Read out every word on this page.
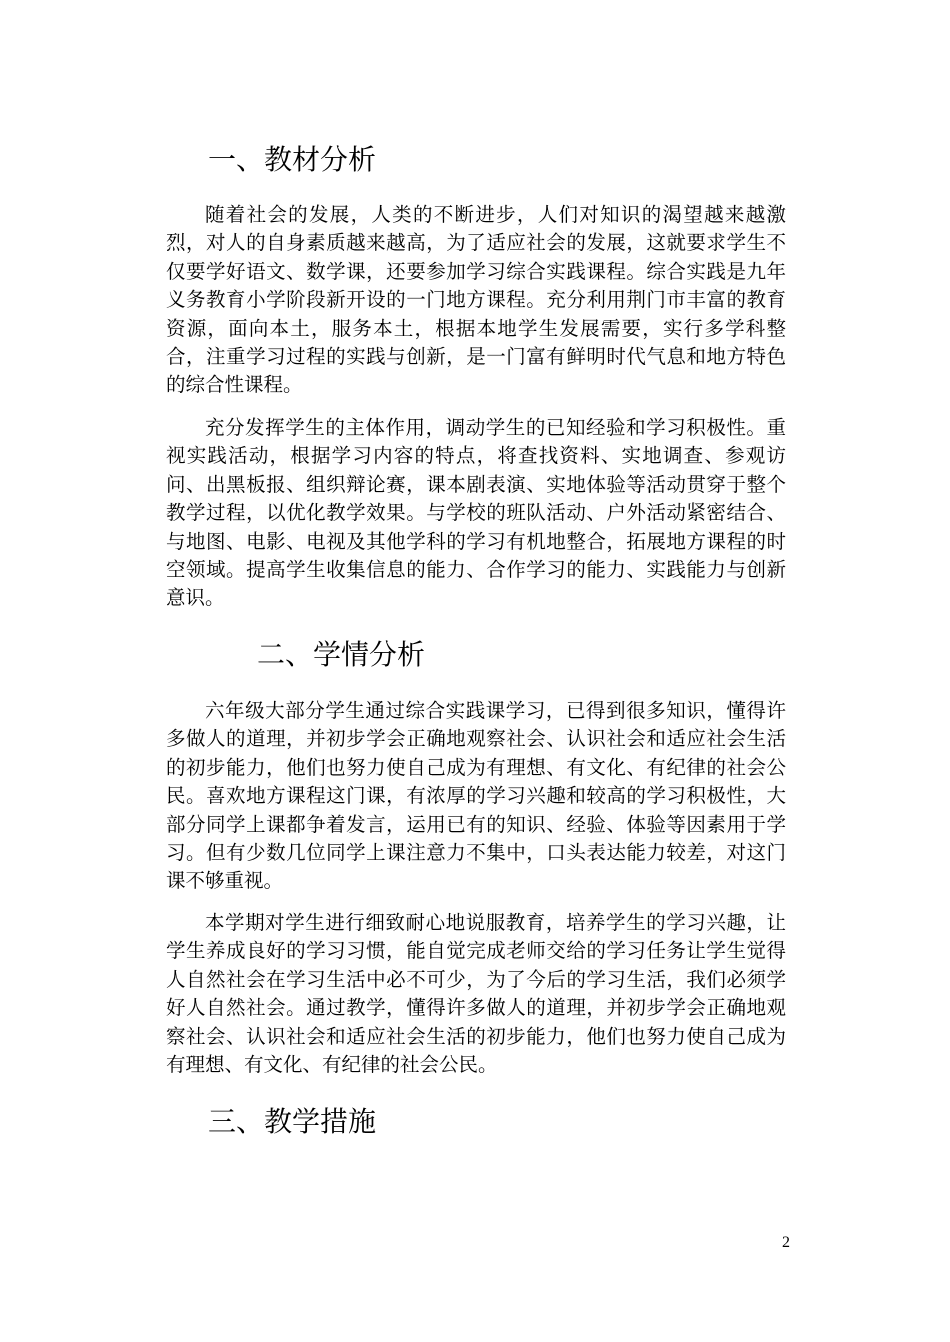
一、教材分析

随着社会的发展，人类的不断进步，人们对知识的渴望越来越激烈，对人的自身素质越来越高，为了适应社会的发展，这就要求学生不仅要学好语文、数学课，还要参加学习综合实践课程。综合实践是九年义务教育小学阶段新开设的一门地方课程。充分利用荆门市丰富的教育资源，面向本土，服务本土，根据本地学生发展需要，实行多学科整合，注重学习过程的实践与创新，是一门富有鲜明时代气息和地方特色的综合性课程。

充分发挥学生的主体作用，调动学生的已知经验和学习积极性。重视实践活动，根据学习内容的特点，将查找资料、实地调查、参观访问、出黑板报、组织辩论赛，课本剧表演、实地体验等活动贯穿于整个教学过程，以优化教学效果。与学校的班队活动、户外活动紧密结合、与地图、电影、电视及其他学科的学习有机地整合，拓展地方课程的时空领域。提高学生收集信息的能力、合作学习的能力、实践能力与创新意识。

二、学情分析

六年级大部分学生通过综合实践课学习，已得到很多知识，懂得许多做人的道理，并初步学会正确地观察社会、认识社会和适应社会生活的初步能力，他们也努力使自己成为有理想、有文化、有纪律的社会公民。喜欢地方课程这门课，有浓厚的学习兴趣和较高的学习积极性，大部分同学上课都争着发言，运用已有的知识、经验、体验等因素用于学习。但有少数几位同学上课注意力不集中，口头表达能力较差，对这门课不够重视。

本学期对学生进行细致耐心地说服教育，培养学生的学习兴趣，让学生养成良好的学习习惯，能自觉完成老师交给的学习任务让学生觉得人自然社会在学习生活中必不可少，为了今后的学习生活，我们必须学好人自然社会。通过教学，懂得许多做人的道理，并初步学会正确地观察社会、认识社会和适应社会生活的初步能力，他们也努力使自己成为有理想、有文化、有纪律的社会公民。

三、教学措施
2
